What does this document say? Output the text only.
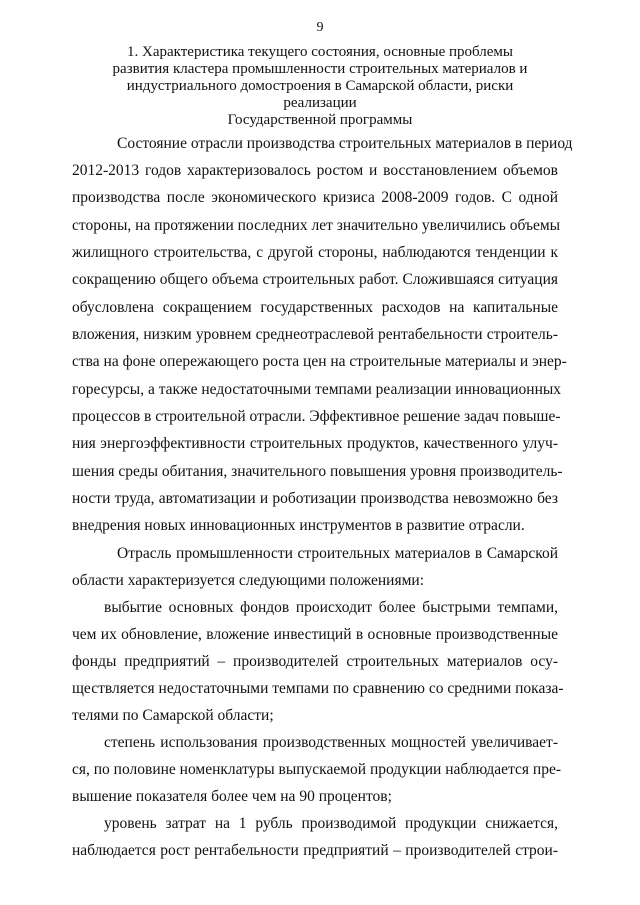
9
1. Характеристика текущего состояния, основные проблемы
развития кластера промышленности строительных материалов и
индустриального домостроения в Самарской области, риски реализации
Государственной программы
Состояние отрасли производства строительных материалов в период
2012-2013 годов характеризовалось ростом и восстановлением объемов
производства после экономического кризиса 2008-2009 годов. С одной
стороны, на протяжении последних лет значительно увеличились объемы
жилищного строительства, с другой стороны, наблюдаются тенденции к
сокращению общего объема строительных работ. Сложившаяся ситуация
обусловлена сокращением государственных расходов на капитальные
вложения, низким уровнем среднеотраслевой рентабельности строитель-
ства на фоне опережающего роста цен на строительные материалы и энер-
горесурсы, а также недостаточными темпами реализации инновационных
процессов в строительной отрасли. Эффективное решение задач повыше-
ния энергоэффективности строительных продуктов, качественного улуч-
шения среды обитания, значительного повышения уровня производитель-
ности труда, автоматизации и роботизации производства невозможно без
внедрения новых инновационных инструментов в развитие отрасли.
Отрасль промышленности строительных материалов в Самарской
области характеризуется следующими положениями:
выбытие основных фондов происходит более быстрыми темпами,
чем их обновление, вложение инвестиций в основные производственные
фонды предприятий – производителей строительных материалов осу-
ществляется недостаточными темпами по сравнению со средними показа-
телями по Самарской области;
степень использования производственных мощностей увеличивает-
ся, по половине номенклатуры выпускаемой продукции наблюдается пре-
вышение показателя более чем на 90 процентов;
уровень затрат на 1 рубль производимой продукции снижается,
наблюдается рост рентабельности предприятий – производителей строи-
